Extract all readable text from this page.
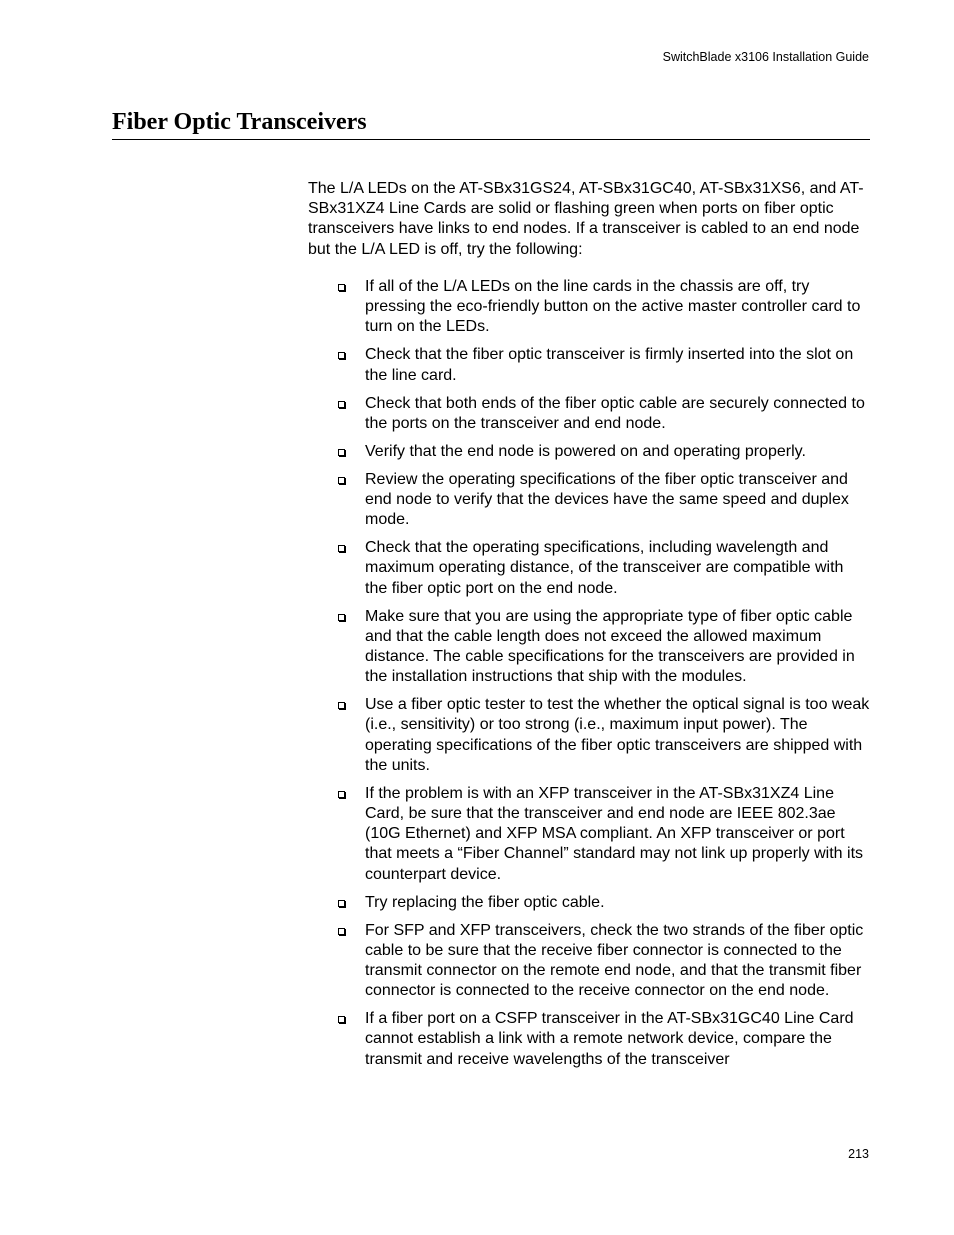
SwitchBlade x3106 Installation Guide
Fiber Optic Transceivers

The L/A LEDs on the AT-SBx31GS24, AT-SBx31GC40, AT-SBx31XS6, and AT-SBx31XZ4 Line Cards are solid or flashing green when ports on fiber optic transceivers have links to end nodes. If a transceiver is cabled to an end node but the L/A LED is off, try the following:

If all of the L/A LEDs on the line cards in the chassis are off, try pressing the eco-friendly button on the active master controller card to turn on the LEDs.
Check that the fiber optic transceiver is firmly inserted into the slot on the line card.
Check that both ends of the fiber optic cable are securely connected to the ports on the transceiver and end node.
Verify that the end node is powered on and operating properly.
Review the operating specifications of the fiber optic transceiver and end node to verify that the devices have the same speed and duplex mode.
Check that the operating specifications, including wavelength and maximum operating distance, of the transceiver are compatible with the fiber optic port on the end node.
Make sure that you are using the appropriate type of fiber optic cable and that the cable length does not exceed the allowed maximum distance. The cable specifications for the transceivers are provided in the installation instructions that ship with the modules.
Use a fiber optic tester to test the whether the optical signal is too weak (i.e., sensitivity) or too strong (i.e., maximum input power). The operating specifications of the fiber optic transceivers are shipped with the units.
If the problem is with an XFP transceiver in the AT-SBx31XZ4 Line Card, be sure that the transceiver and end node are IEEE 802.3ae (10G Ethernet) and XFP MSA compliant. An XFP transceiver or port that meets a “Fiber Channel” standard may not link up properly with its counterpart device.
Try replacing the fiber optic cable.
For SFP and XFP transceivers, check the two strands of the fiber optic cable to be sure that the receive fiber connector is connected to the transmit connector on the remote end node, and that the transmit fiber connector is connected to the receive connector on the end node.
If a fiber port on a CSFP transceiver in the AT-SBx31GC40 Line Card cannot establish a link with a remote network device, compare the transmit and receive wavelengths of the transceiver
213
